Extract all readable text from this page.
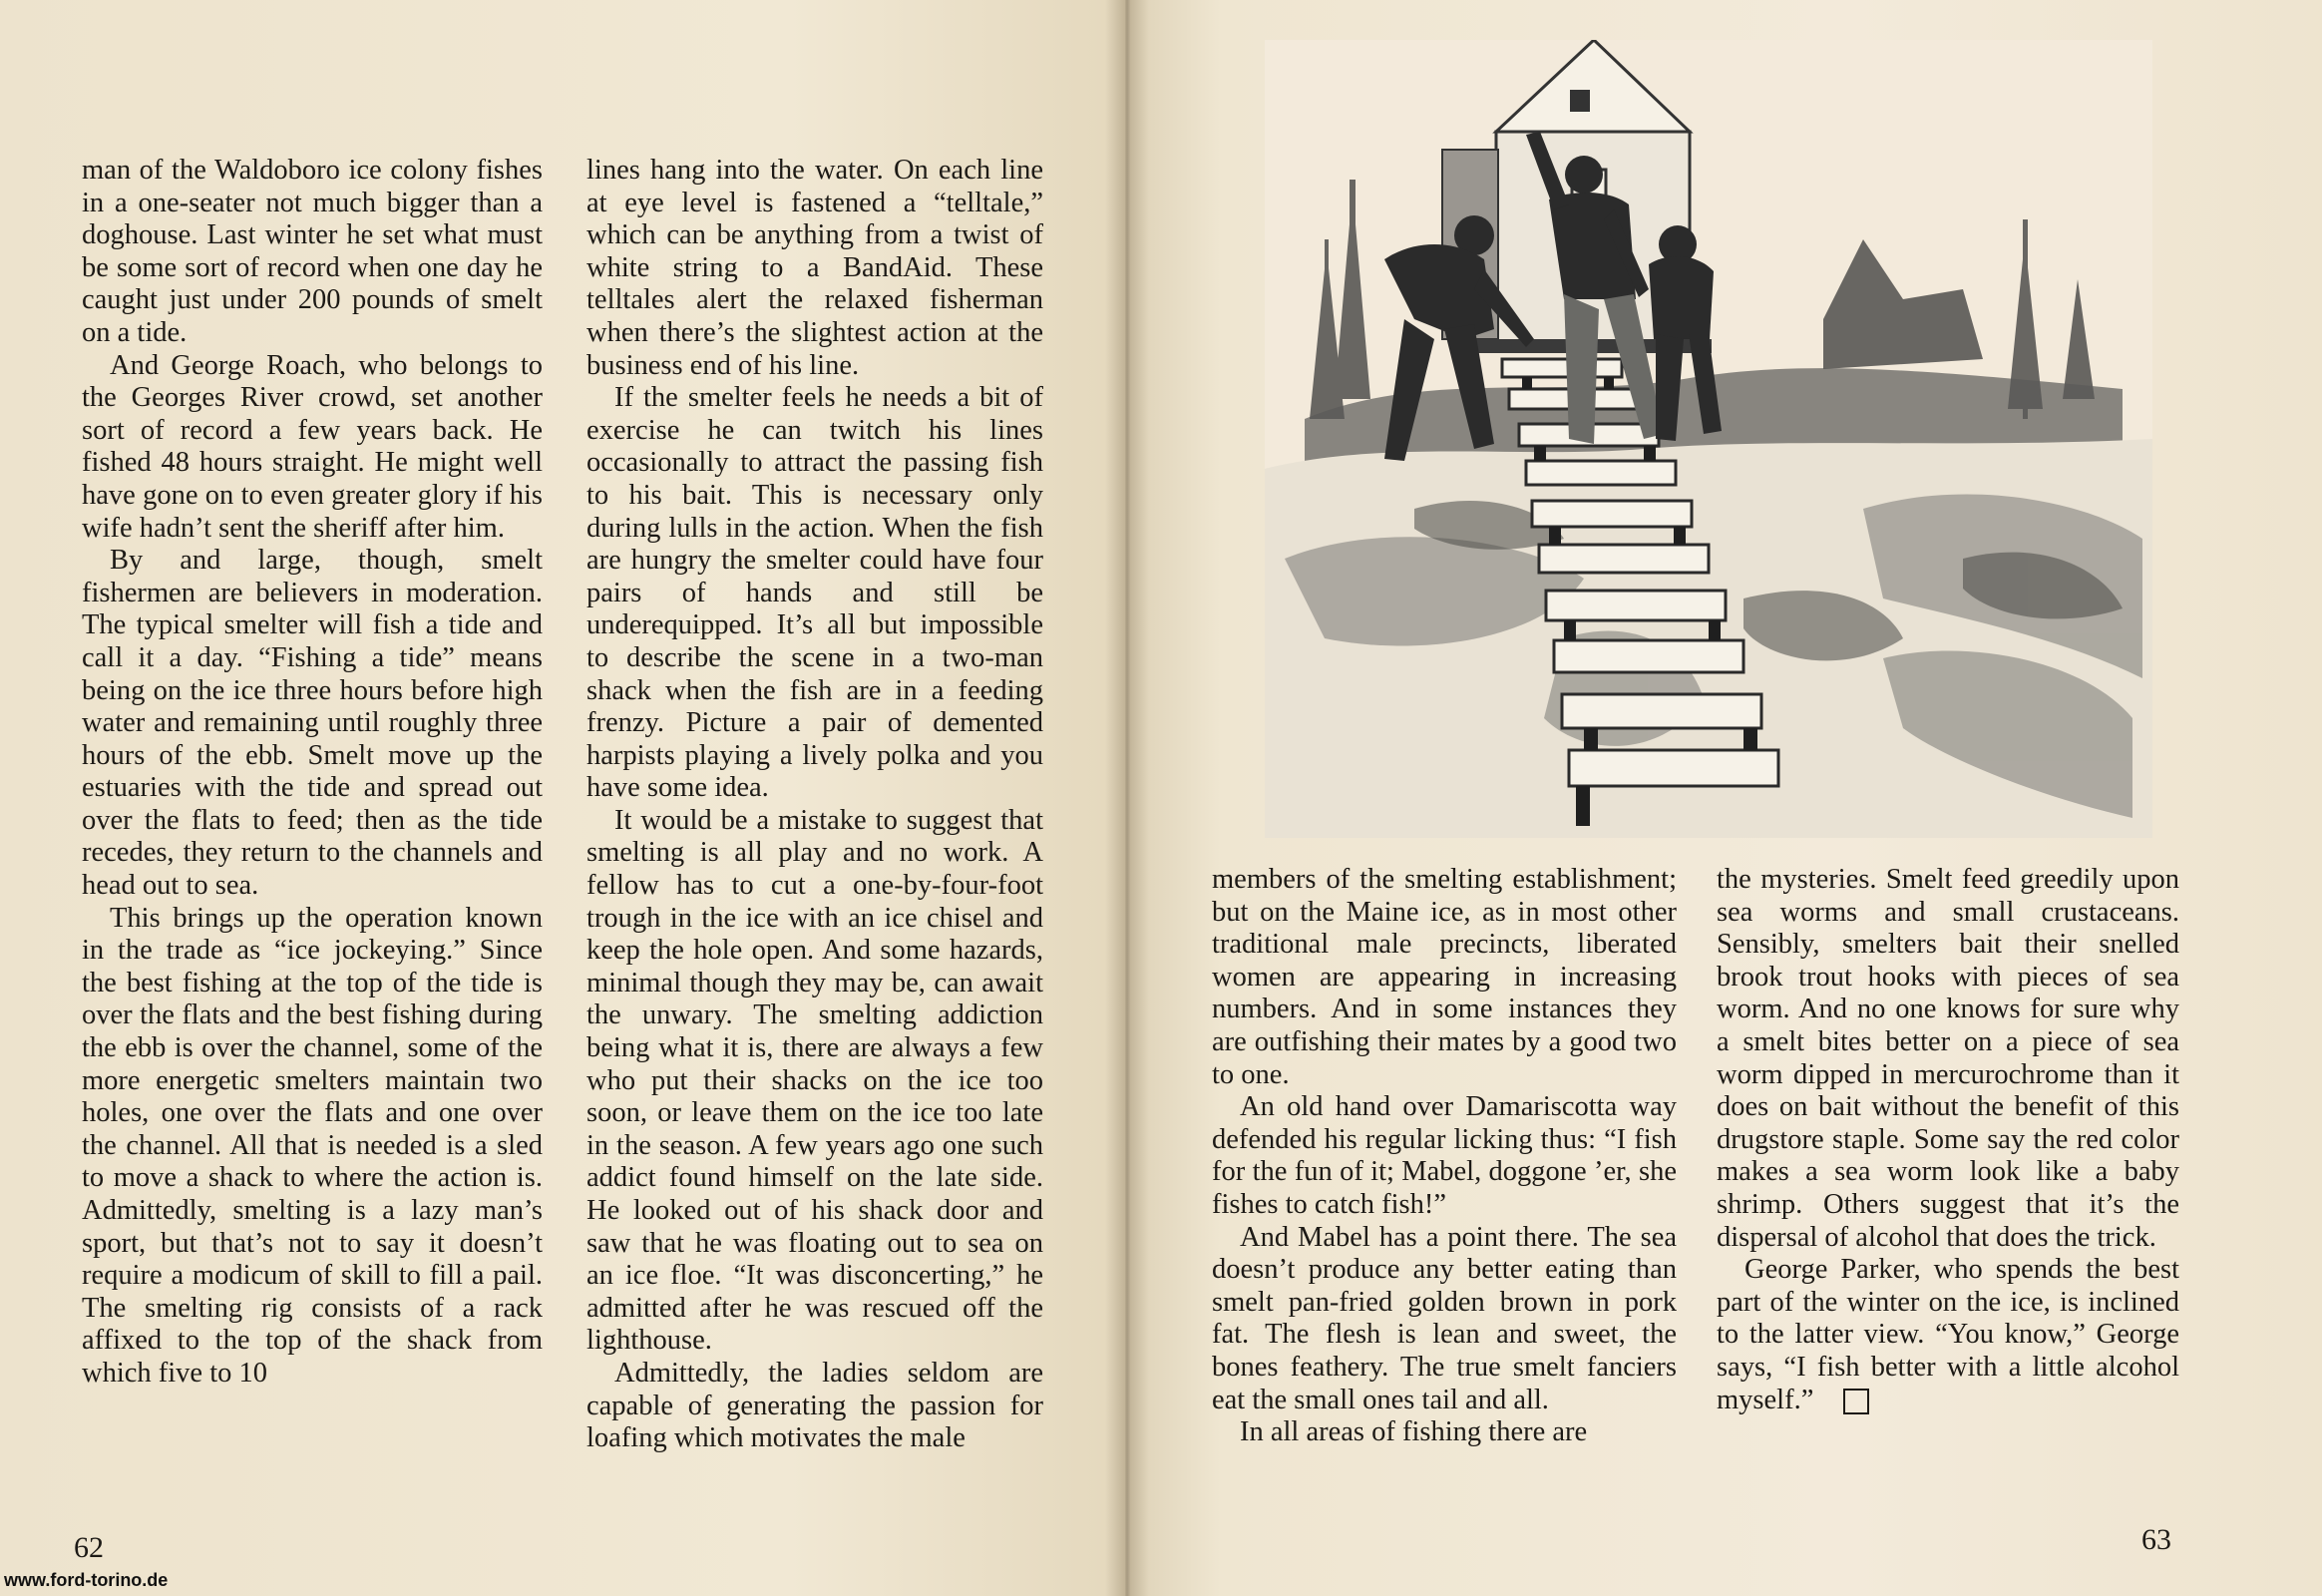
man of the Waldoboro ice colony fishes in a one-seater not much bigger than a doghouse. Last winter he set what must be some sort of record when one day he caught just under 200 pounds of smelt on a tide.

And George Roach, who belongs to the Georges River crowd, set another sort of record a few years back. He fished 48 hours straight. He might well have gone on to even greater glory if his wife hadn’t sent the sheriff after him.

By and large, though, smelt fishermen are believers in moderation. The typical smelter will fish a tide and call it a day. “Fishing a tide” means being on the ice three hours before high water and remaining until roughly three hours of the ebb. Smelt move up the estuaries with the tide and spread out over the flats to feed; then as the tide recedes, they return to the channels and head out to sea.

This brings up the operation known in the trade as “ice jockeying.” Since the best fishing at the top of the tide is over the flats and the best fishing during the ebb is over the channel, some of the more energetic smelters maintain two holes, one over the flats and one over the channel. All that is needed is a sled to move a shack to where the action is. Admittedly, smelting is a lazy man’s sport, but that’s not to say it doesn’t require a modicum of skill to fill a pail. The smelting rig consists of a rack affixed to the top of the shack from which five to 10

lines hang into the water. On each line at eye level is fastened a “telltale,” which can be anything from a twist of white string to a BandAid. These telltales alert the relaxed fisherman when there’s the slightest action at the business end of his line.

If the smelter feels he needs a bit of exercise he can twitch his lines occasionally to attract the passing fish to his bait. This is necessary only during lulls in the action. When the fish are hungry the smelter could have four pairs of hands and still be underequipped. It’s all but impossible to describe the scene in a two-man shack when the fish are in a feeding frenzy. Picture a pair of demented harpists playing a lively polka and you have some idea.

It would be a mistake to suggest that smelting is all play and no work. A fellow has to cut a one-by-four-foot trough in the ice with an ice chisel and keep the hole open. And some hazards, minimal though they may be, can await the unwary. The smelting addiction being what it is, there are always a few who put their shacks on the ice too soon, or leave them on the ice too late in the season. A few years ago one such addict found himself on the late side. He looked out of his shack door and saw that he was floating out to sea on an ice floe. “It was disconcerting,” he admitted after he was rescued off the lighthouse.

Admittedly, the ladies seldom are capable of generating the passion for loafing which motivates the male

62

members of the smelting establishment; but on the Maine ice, as in most other traditional male precincts, liberated women are appearing in increasing numbers. And in some instances they are outfishing their mates by a good two to one.

An old hand over Damariscotta way defended his regular licking thus: “I fish for the fun of it; Mabel, doggone ’er, she fishes to catch fish!”

And Mabel has a point there. The sea doesn’t produce any better eating than smelt pan-fried golden brown in pork fat. The flesh is lean and sweet, the bones feathery. The true smelt fanciers eat the small ones tail and all.

In all areas of fishing there are

the mysteries. Smelt feed greedily upon sea worms and small crustaceans. Sensibly, smelters bait their snelled brook trout hooks with pieces of sea worm. And no one knows for sure why a smelt bites better on a piece of sea worm dipped in mercurochrome than it does on bait without the benefit of this drugstore staple. Some say the red color makes a sea worm look like a baby shrimp. Others suggest that it’s the dispersal of alcohol that does the trick.

George Parker, who spends the best part of the winter on the ice, is inclined to the latter view. “You know,” George says, “I fish better with a little alcohol myself.”

63
www.ford-torino.de
